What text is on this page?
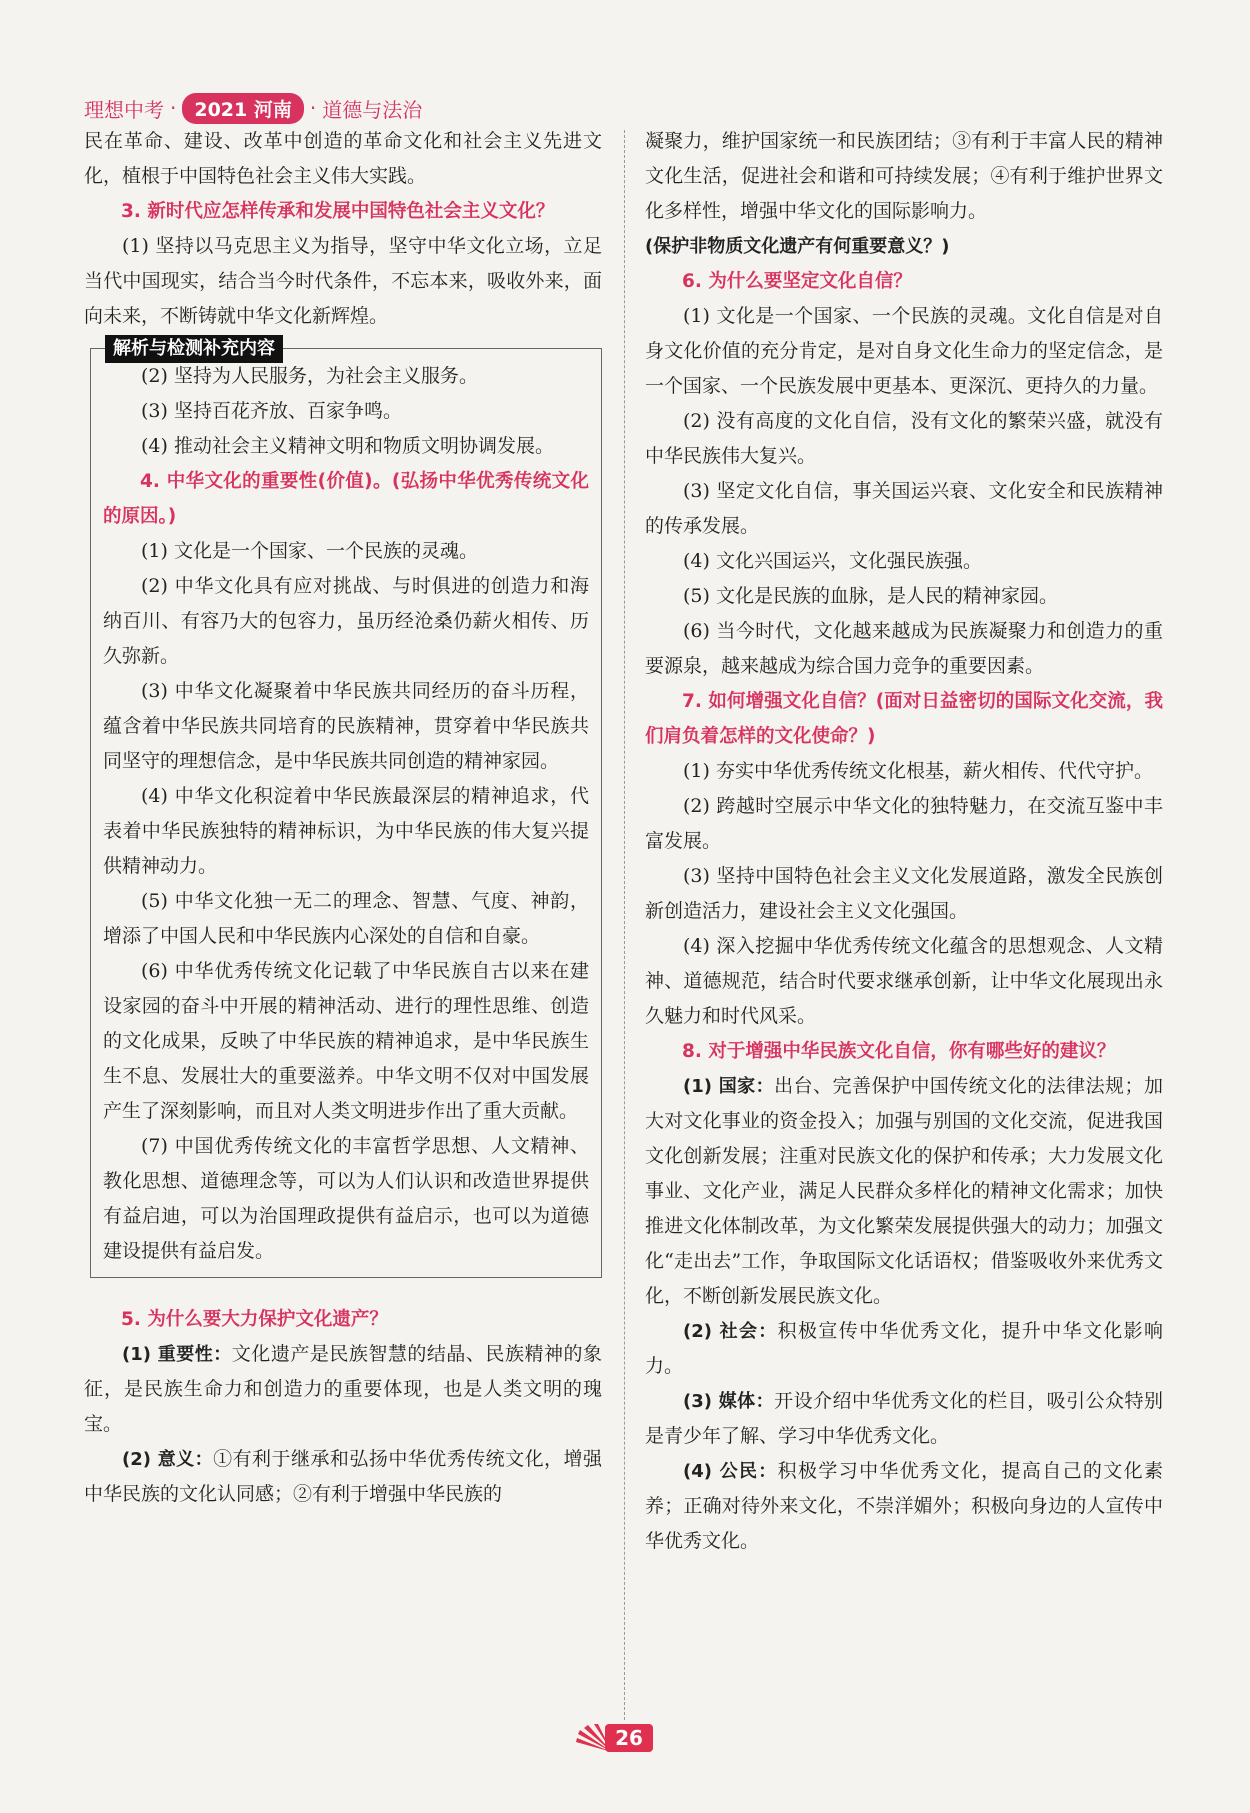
理想中考 · 2021 河南 · 道德与法治

民在革命、建设、改革中创造的革命文化和社会主义先进文化，植根于中国特色社会主义伟大实践。

3. 新时代应怎样传承和发展中国特色社会主义文化？

(1) 坚持以马克思主义为指导，坚守中华文化立场，立足当代中国现实，结合当今时代条件，不忘本来，吸收外来，面向未来，不断铸就中华文化新辉煌。

解析与检测补充内容

(2) 坚持为人民服务，为社会主义服务。

(3) 坚持百花齐放、百家争鸣。

(4) 推动社会主义精神文明和物质文明协调发展。

4. 中华文化的重要性(价值)。(弘扬中华优秀传统文化的原因。)

(1) 文化是一个国家、一个民族的灵魂。

(2) 中华文化具有应对挑战、与时俱进的创造力和海纳百川、有容乃大的包容力，虽历经沧桑仍薪火相传、历久弥新。

(3) 中华文化凝聚着中华民族共同经历的奋斗历程，蕴含着中华民族共同培育的民族精神，贯穿着中华民族共同坚守的理想信念，是中华民族共同创造的精神家园。

(4) 中华文化积淀着中华民族最深层的精神追求，代表着中华民族独特的精神标识，为中华民族的伟大复兴提供精神动力。

(5) 中华文化独一无二的理念、智慧、气度、神韵，增添了中国人民和中华民族内心深处的自信和自豪。

(6) 中华优秀传统文化记载了中华民族自古以来在建设家园的奋斗中开展的精神活动、进行的理性思维、创造的文化成果，反映了中华民族的精神追求，是中华民族生生不息、发展壮大的重要滋养。中华文明不仅对中国发展产生了深刻影响，而且对人类文明进步作出了重大贡献。

(7) 中国优秀传统文化的丰富哲学思想、人文精神、教化思想、道德理念等，可以为人们认识和改造世界提供有益启迪，可以为治国理政提供有益启示，也可以为道德建设提供有益启发。

5. 为什么要大力保护文化遗产？

(1) 重要性：文化遗产是民族智慧的结晶、民族精神的象征，是民族生命力和创造力的重要体现，也是人类文明的瑰宝。

(2) 意义：①有利于继承和弘扬中华优秀传统文化，增强中华民族的文化认同感；②有利于增强中华民族的

凝聚力，维护国家统一和民族团结；③有利于丰富人民的精神文化生活，促进社会和谐和可持续发展；④有利于维护世界文化多样性，增强中华文化的国际影响力。

(保护非物质文化遗产有何重要意义？)

6. 为什么要坚定文化自信？

(1) 文化是一个国家、一个民族的灵魂。文化自信是对自身文化价值的充分肯定，是对自身文化生命力的坚定信念，是一个国家、一个民族发展中更基本、更深沉、更持久的力量。

(2) 没有高度的文化自信，没有文化的繁荣兴盛，就没有中华民族伟大复兴。

(3) 坚定文化自信，事关国运兴衰、文化安全和民族精神的传承发展。

(4) 文化兴国运兴，文化强民族强。

(5) 文化是民族的血脉，是人民的精神家园。

(6) 当今时代，文化越来越成为民族凝聚力和创造力的重要源泉，越来越成为综合国力竞争的重要因素。

7. 如何增强文化自信？(面对日益密切的国际文化交流，我们肩负着怎样的文化使命？)

(1) 夯实中华优秀传统文化根基，薪火相传、代代守护。

(2) 跨越时空展示中华文化的独特魅力，在交流互鉴中丰富发展。

(3) 坚持中国特色社会主义文化发展道路，激发全民族创新创造活力，建设社会主义文化强国。

(4) 深入挖掘中华优秀传统文化蕴含的思想观念、人文精神、道德规范，结合时代要求继承创新，让中华文化展现出永久魅力和时代风采。

8. 对于增强中华民族文化自信，你有哪些好的建议？

(1) 国家：出台、完善保护中国传统文化的法律法规；加大对文化事业的资金投入；加强与别国的文化交流，促进我国文化创新发展；注重对民族文化的保护和传承；大力发展文化事业、文化产业，满足人民群众多样化的精神文化需求；加快推进文化体制改革，为文化繁荣发展提供强大的动力；加强文化“走出去”工作，争取国际文化话语权；借鉴吸收外来优秀文化，不断创新发展民族文化。

(2) 社会：积极宣传中华优秀文化，提升中华文化影响力。

(3) 媒体：开设介绍中华优秀文化的栏目，吸引公众特别是青少年了解、学习中华优秀文化。

(4) 公民：积极学习中华优秀文化，提高自己的文化素养；正确对待外来文化，不崇洋媚外；积极向身边的人宣传中华优秀文化。

26
